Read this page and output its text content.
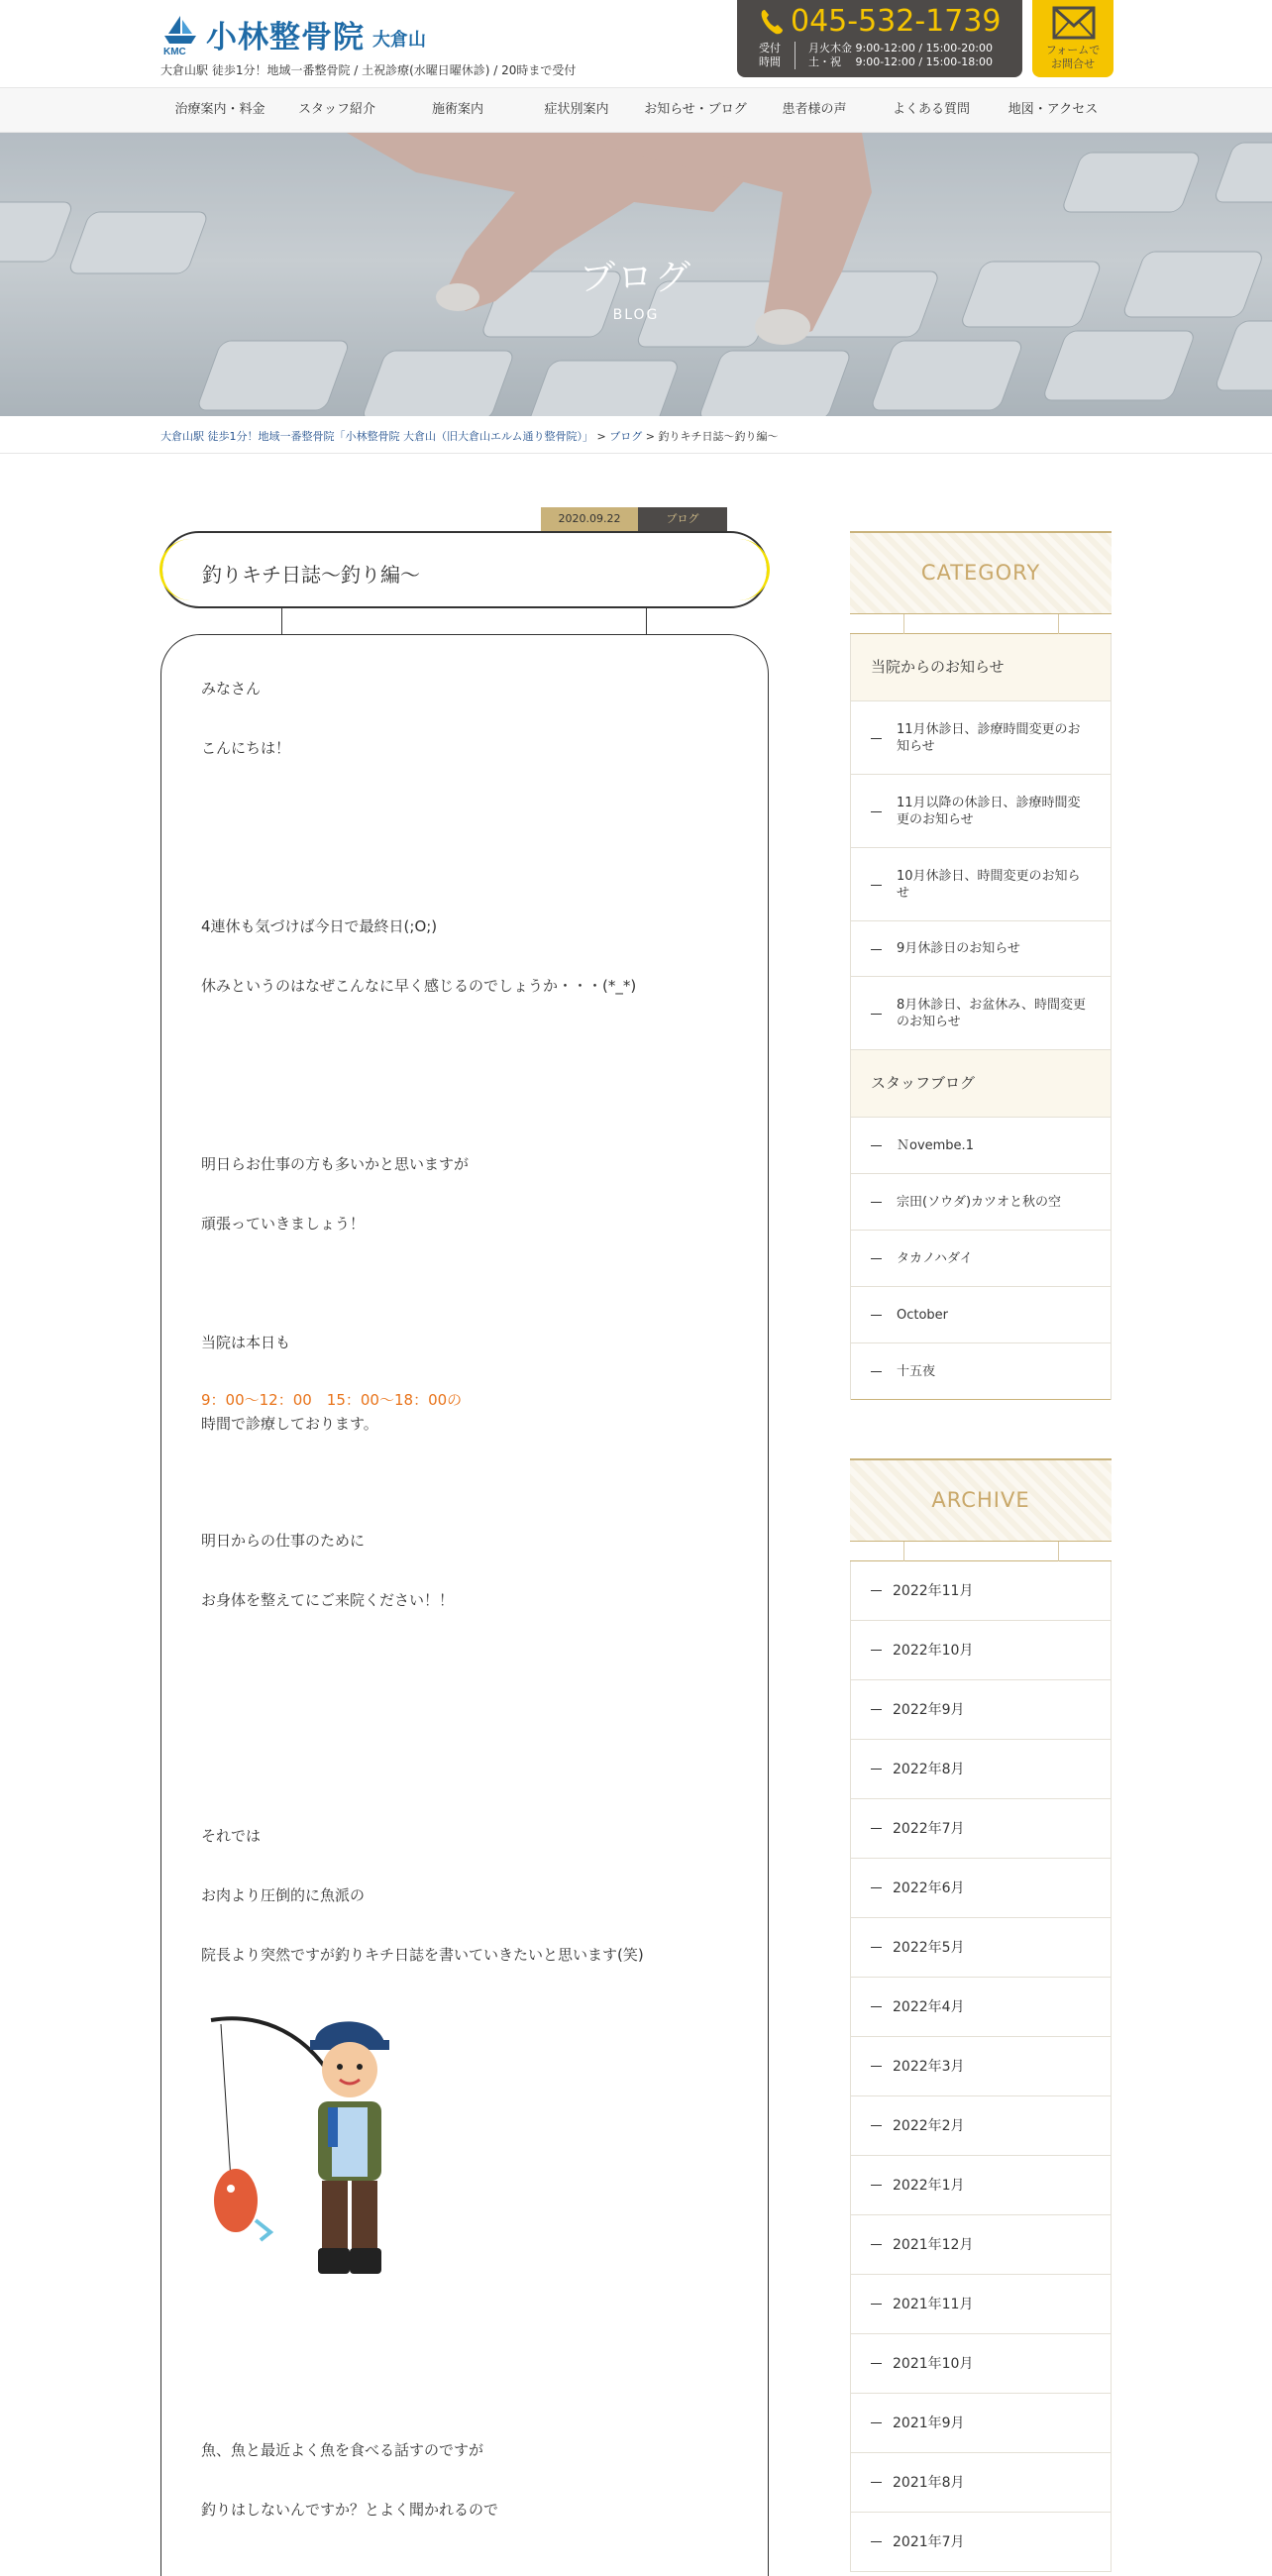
KMC 小林整骨院 大倉山
大倉山駅 徒歩1分！地域一番整骨院 / 土祝診療(水曜日曜休診) / 20時まで受付
045-532-1739
受付
時間
月火木金 9:00-12:00 / 15:00-20:00
土・祝　 9:00-12:00 / 15:00-18:00
フォームで
お問合せ
治療案内・料金	スタッフ紹介	施術案内	症状別案内	お知らせ・ブログ	患者様の声	よくある質問	地図・アクセス
ブログ
BLOG
大倉山駅 徒歩1分！地域一番整骨院「小林整骨院 大倉山（旧大倉山エルム通り整骨院）」 > ブログ > 釣りキチ日誌～釣り編～
2020.09.22	ブログ
釣りキチ日誌～釣り編～
みなさん
こんにちは！
4連休も気づけば今日で最終日(;O;)
休みというのはなぜこんなに早く感じるのでしょうか・・・(*_*)
明日らお仕事の方も多いかと思いますが
頑張っていきましょう！
当院は本日も
9：00～12：00　15：00～18：00の
時間で診療しております。
明日からの仕事のために
お身体を整えてにご来院ください！！
それでは
お肉より圧倒的に魚派の
院長より突然ですが釣りキチ日誌を書いていきたいと思います(笑)
魚、魚と最近よく魚を食べる話すのですが
釣りはしないんですか？とよく聞かれるので
CATEGORY
当院からのお知らせ
11月休診日、診療時間変更のお知らせ
11月以降の休診日、診療時間変更のお知らせ
10月休診日、時間変更のお知らせ
9月休診日のお知らせ
8月休診日、お盆休み、時間変更のお知らせ
スタッフブログ
Ｎovembe.1
宗田(ソウダ)カツオと秋の空
タカノハダイ
October
十五夜
ARCHIVE
2022年11月
2022年10月
2022年9月
2022年8月
2022年7月
2022年6月
2022年5月
2022年4月
2022年3月
2022年2月
2022年1月
2021年12月
2021年11月
2021年10月
2021年9月
2021年8月
2021年7月
